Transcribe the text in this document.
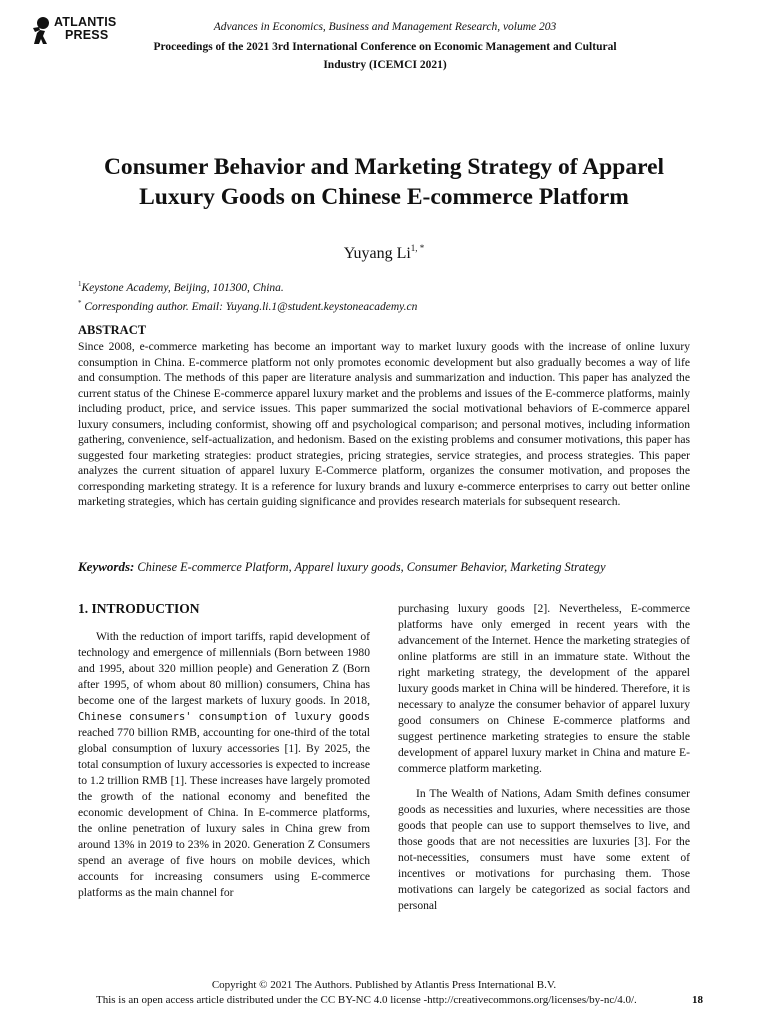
ATLANTIS
PRESS
Advances in Economics, Business and Management Research, volume 203
Proceedings of the 2021 3rd International Conference on Economic Management and Cultural Industry (ICEMCI 2021)
Consumer Behavior and Marketing Strategy of Apparel Luxury Goods on Chinese E-commerce Platform
Yuyang $Li^{1, *}$
$^1$Keystone Academy, Beijing, 101300, China.
* Corresponding author. Email: Yuyang.li.1@student.keystoneacademy.cn
ABSTRACT
Since 2008, e-commerce marketing has become an important way to market luxury goods with the increase of online luxury consumption in China. E-commerce platform not only promotes economic development but also gradually becomes a way of life and consumption. The methods of this paper are literature analysis and summarization and induction. This paper has analyzed the current status of the Chinese E-commerce apparel luxury market and the problems and issues of the E-commerce platforms, mainly including product, price, and service issues. This paper summarized the social motivational behaviors of E-commerce apparel luxury consumers, including conformist, showing off and psychological comparison; and personal motives, including information gathering, convenience, self-actualization, and hedonism. Based on the existing problems and consumer motivations, this paper has suggested four marketing strategies: product strategies, pricing strategies, service strategies, and process strategies. This paper analyzes the current situation of apparel luxury E-Commerce platform, organizes the consumer motivation, and proposes the corresponding marketing strategy. It is a reference for luxury brands and luxury e-commerce enterprises to carry out better online marketing strategies, which has certain guiding significance and provides research materials for subsequent research.
Keywords: Chinese E-commerce Platform, Apparel luxury goods, Consumer Behavior, Marketing Strategy
1. INTRODUCTION

With the reduction of import tariffs, rapid development of technology and emergence of millennials (Born between 1980 and 1995, about 320 million people) and Generation Z (Born after 1995, of whom about 80 million) consumers, China has become one of the largest markets of luxury goods. In 2018, Chinese consumers' consumption of luxury goods reached 770 billion RMB, accounting for one-third of the total global consumption of luxury accessories [1]. By 2025, the total consumption of luxury accessories is expected to increase to 1.2 trillion RMB [1]. These increases have largely promoted the growth of the national economy and benefited the economic development of China. In E-commerce platforms, the online penetration of luxury sales in China grew from around 13% in 2019 to 23% in 2020. Generation Z Consumers spend an average of five hours on mobile devices, which accounts for increasing consumers using E-commerce platforms as the main channel for

purchasing luxury goods [2]. Nevertheless, E-commerce platforms have only emerged in recent years with the advancement of the Internet. Hence the marketing strategies of online platforms are still in an immature state. Without the right marketing strategy, the development of the apparel luxury goods market in China will be hindered. Therefore, it is necessary to analyze the consumer behavior of apparel luxury good consumers on Chinese E-commerce platforms and suggest pertinence marketing strategies to ensure the stable development of apparel luxury market in China and mature E-commerce platform marketing.

In The Wealth of Nations, Adam Smith defines consumer goods as necessities and luxuries, where necessities are those goods that people can use to support themselves to live, and those goods that are not necessities are luxuries [3]. For the not-necessities, consumers must have some extent of incentives or motivations for purchasing them. Those motivations can largely be categorized as social factors and personal

Copyright © 2021 The Authors. Published by Atlantis Press International B.V.
This is an open access article distributed under the CC BY-NC 4.0 license -http://creativecommons.org/licenses/by-nc/4.0/.	18
